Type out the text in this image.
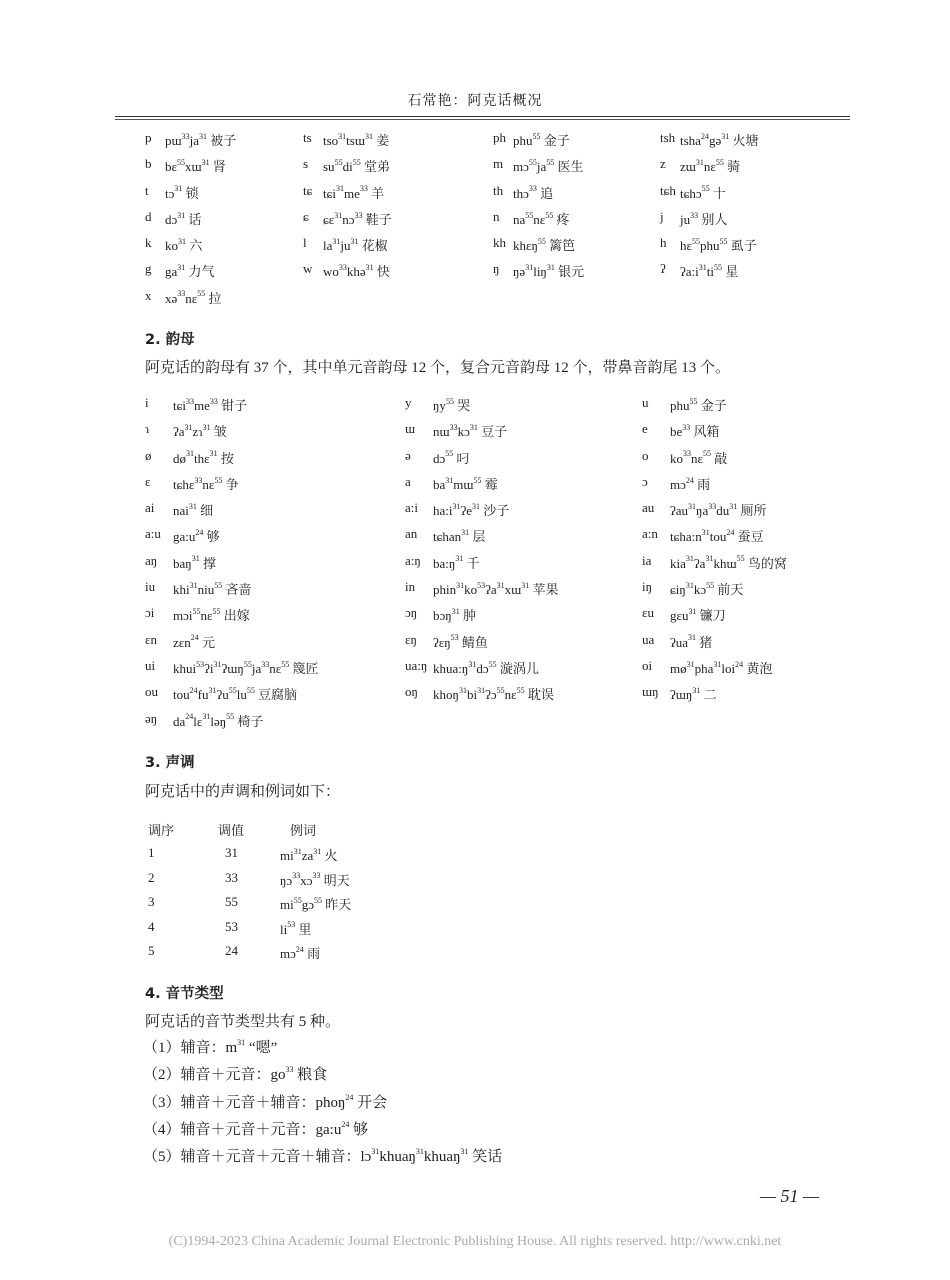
石常艳：阿克话概况
p $pɯ^{33}ja^{31}$ 被子	ts tso$^{31}$tsɯ$^{31}$ 姜	ph phu$^{55}$ 金子	tsh tsha$^{24}$gə$^{31}$ 火塘
b bɛ$^{55}$xɯ$^{31}$ 肾	s $su^{55}di^{55}$ 堂弟	m $mɔ^{55}ja^{55}$ 医生	z zɯ$^{31}$nɛ$^{55}$ 骑
t tɔ$^{31}$ 锁	tɕ $tɕi^{31}me^{33}$ 羊	th thɔ$^{33}$ 追	tɕh tɕhɔ$^{55}$ 十
d dɔ$^{31}$ 话	ɕ ɕɛ$^{31}$nɔ$^{33}$ 鞋子	n $na^{55}nɛ^{55}$ 疼	j $ju^{33}$ 别人
k $ko^{31}$ 六	l $la^{31}ju^{31}$ 花椒	kh khɛŋ$^{55}$ 篱笆	h hɛ$^{55}$phu$^{55}$ 虱子
g $ga^{31}$ 力气	w $wo^{33}khə^{31}$ 快	ŋ ŋə$^{31}$liŋ$^{31}$ 银元	ʔ $ʔa:i^{31}ti^{55}$ 星
x xə$^{33}$nɛ$^{55}$ 拉
2. 韵母
阿克话的韵母有 37 个，其中单元音韵母 12 个，复合元音韵母 12 个，带鼻音韵尾 13 个。
i $tɕi^{33}me^{33}$ 钳子	y $ŋy^{55}$ 哭	u phu$^{55}$ 金子
ɿ ʔa$^{31}$zɿ$^{31}$ 皱	ɯ nɯ$^{33}$kɔ$^{31}$ 豆子	e $be^{33}$ 风箱
ø $dø^{31}thɛ^{31}$ 按	ə dɔ$^{55}$ 叼	o $ko^{33}nɛ^{55}$ 敲
ɛ tɕhɛ$^{33}$nɛ$^{55}$ 争	a $ba^{31}mɯ^{55}$ 霉	ɔ mɔ$^{24}$ 雨
ai nai$^{31}$ 细	a:i $ha:i^{31}ʔe^{31}$ 沙子	au $ʔau^{31}ŋa^{33}du^{31}$ 厕所
a:u $ga:u^{24}$ 够	an tɕhan$^{31}$ 层	a:n $tɕha:n^{31}tou^{24}$ 蚕豆
aŋ baŋ$^{31}$ 撑	a:ŋ $ba:ŋ^{31}$ 千	ia kia$^{31}$ʔa$^{31}$khɯ$^{55}$ 鸟的窝
iu khi$^{31}$niu$^{55}$ 吝啬	in $phin^{31}ko^{53}ʔa^{31}xɯ^{31}$ 苹果	iŋ ɕiŋ$^{31}$kɔ$^{55}$ 前天
ɔi mɔi$^{55}$nɛ$^{55}$ 出嫁	ɔŋ bɔŋ$^{31}$ 肿	ɛu gɛu$^{31}$ 镰刀
ɛn zɛn$^{24}$ 元	ɛŋ ʔɛŋ$^{53}$ 鲭鱼	ua ʔua$^{31}$ 猪
ui $khui^{53}ʔi^{31}ʔɯŋ^{55}ja^{33}nɛ^{55}$ 篾匠	ua:ŋ $khua:ŋ^{31}dɔ^{55}$ 漩涡儿	oi $mø^{31}pha^{31}loi^{24}$ 黄泡
ou $tou^{24}fu^{31}ʔu^{55}lu^{55}$ 豆腐脑	oŋ $khoŋ^{31}bi^{31}ʔɔ^{55}nɛ^{55}$ 耽误	ɯŋ ʔɯŋ$^{31}$ 二
əŋ $da^{24}lɛ^{31}ləŋ^{55}$ 椅子
3. 声调
阿克话中的声调和例词如下：
调序	调值	例词
1	31	$mi^{31}za^{31}$ 火
2	33	ŋɔ$^{33}$xɔ$^{33}$ 明天
3	55	$mi^{55}gɔ^{55}$ 昨天
4	53	$li^{53}$ 里
5	24	mɔ$^{24}$ 雨
4. 音节类型
阿克话的音节类型共有 5 种。
（1）辅音：$m^{31}$ “嗯”
（2）辅音＋元音：$go^{33}$ 粮食
（3）辅音＋元音＋辅音：phoŋ$^{24}$ 开会
（4）辅音＋元音＋元音：$ga:u^{24}$ 够
（5）辅音＋元音＋元音＋辅音：lɔ$^{31}$khuaŋ$^{31}$khuaŋ$^{31}$ 笑话
— 51 —
(C)1994-2023 China Academic Journal Electronic Publishing House. All rights reserved. http://www.cnki.net
